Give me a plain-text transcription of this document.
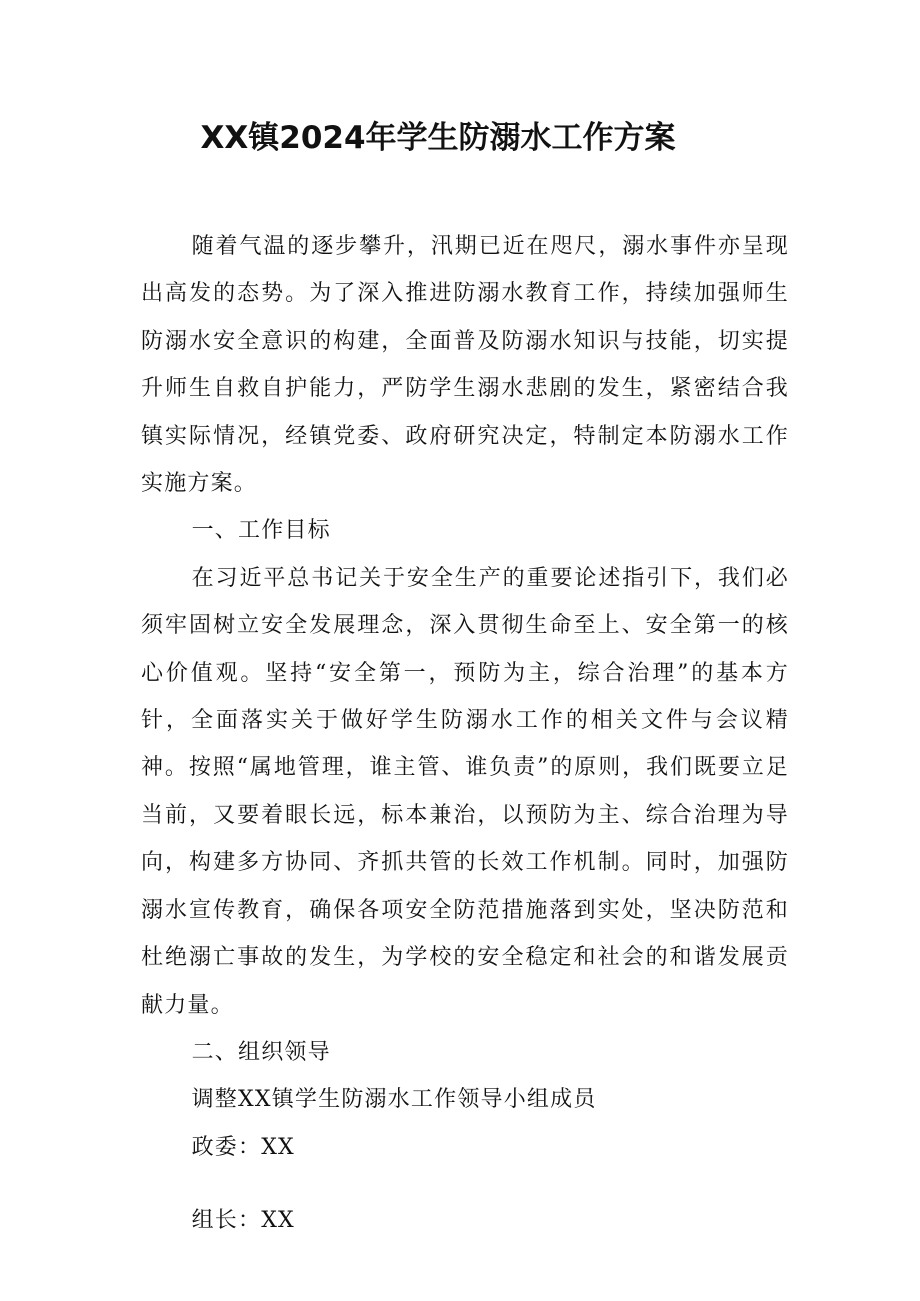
XX镇2024年学生防溺水工作方案

随着气温的逐步攀升，汛期已近在咫尺，溺水事件亦呈现出高发的态势。为了深入推进防溺水教育工作，持续加强师生防溺水安全意识的构建，全面普及防溺水知识与技能，切实提升师生自救自护能力，严防学生溺水悲剧的发生，紧密结合我镇实际情况，经镇党委、政府研究决定，特制定本防溺水工作实施方案。

一、工作目标

在习近平总书记关于安全生产的重要论述指引下，我们必须牢固树立安全发展理念，深入贯彻生命至上、安全第一的核心价值观。坚持“安全第一，预防为主，综合治理”的基本方针，全面落实关于做好学生防溺水工作的相关文件与会议精神。按照“属地管理，谁主管、谁负责”的原则，我们既要立足当前，又要着眼长远，标本兼治，以预防为主、综合治理为导向，构建多方协同、齐抓共管的长效工作机制。同时，加强防溺水宣传教育，确保各项安全防范措施落到实处，坚决防范和杜绝溺亡事故的发生，为学校的安全稳定和社会的和谐发展贡献力量。

二、组织领导

调整XX镇学生防溺水工作领导小组成员

政委：XX

组长：XX
